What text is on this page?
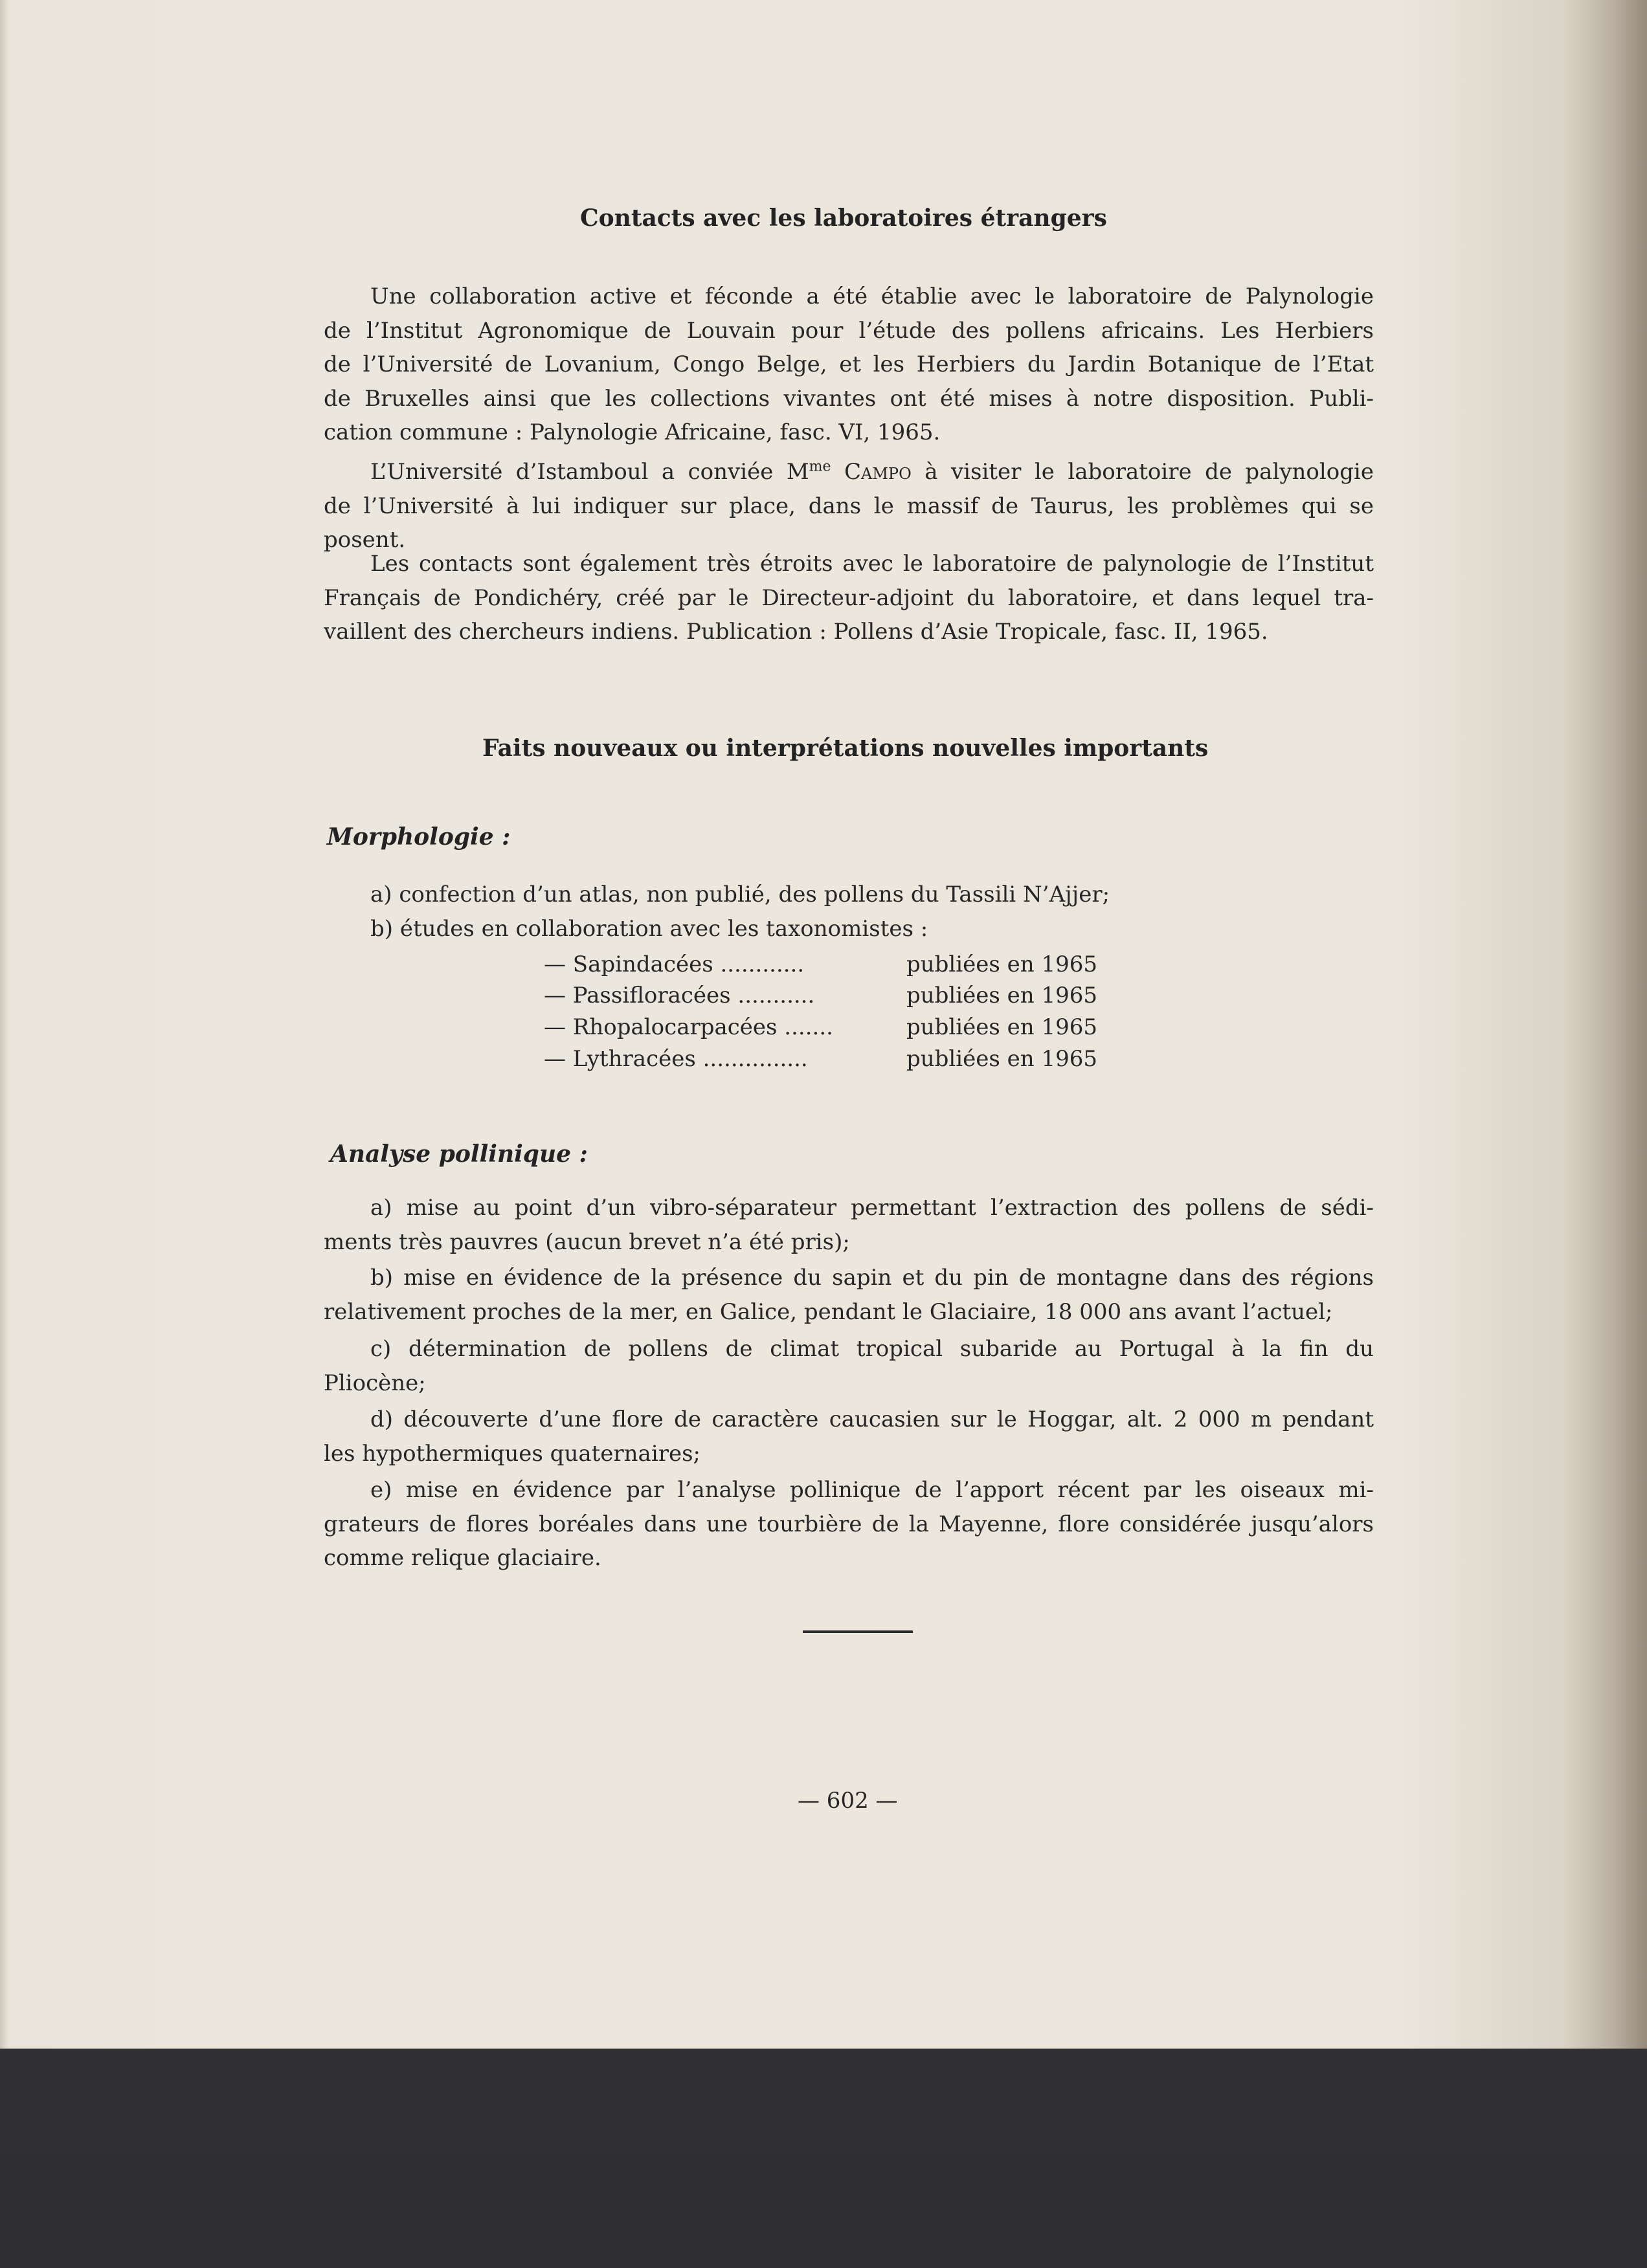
Contacts avec les laboratoires étrangers
Une collaboration active et féconde a été établie avec le laboratoire de Palynologie
de l’Institut Agronomique de Louvain pour l’étude des pollens africains. Les Herbiers
de l’Université de Lovanium, Congo Belge, et les Herbiers du Jardin Botanique de l’Etat
de Bruxelles ainsi que les collections vivantes ont été mises à notre disposition. Publi-
cation commune : Palynologie Africaine, fasc. VI, 1965.
L’Université d’Istamboul a conviée $M^{me}$ Campo à visiter le laboratoire de palynologie
de l’Université à lui indiquer sur place, dans le massif de Taurus, les problèmes qui se
posent.
Les contacts sont également très étroits avec le laboratoire de palynologie de l’Institut
Français de Pondichéry, créé par le Directeur-adjoint du laboratoire, et dans lequel tra-
vaillent des chercheurs indiens. Publication : Pollens d’Asie Tropicale, fasc. II, 1965.
Faits nouveaux ou interprétations nouvelles importants
Morphologie :
a) confection d’un atlas, non publié, des pollens du Tassili N’Ajjer;
b) études en collaboration avec les taxonomistes :
— Sapindacées ............	publiées en 1965
— Passifloracées ...........	publiées en 1965
— Rhopalocarpacées .......	publiées en 1965
— Lythracées ...............	publiées en 1965
Analyse pollinique :
a) mise au point d’un vibro-séparateur permettant l’extraction des pollens de sédi-
ments très pauvres (aucun brevet n’a été pris);
b) mise en évidence de la présence du sapin et du pin de montagne dans des régions
relativement proches de la mer, en Galice, pendant le Glaciaire, 18 000 ans avant l’actuel;
c) détermination de pollens de climat tropical subaride au Portugal à la fin du
Pliocène;
d) découverte d’une flore de caractère caucasien sur le Hoggar, alt. 2 000 m pendant
les hypothermiques quaternaires;
e) mise en évidence par l’analyse pollinique de l’apport récent par les oiseaux mi-
grateurs de flores boréales dans une tourbière de la Mayenne, flore considérée jusqu’alors
comme relique glaciaire.
— 602 —
